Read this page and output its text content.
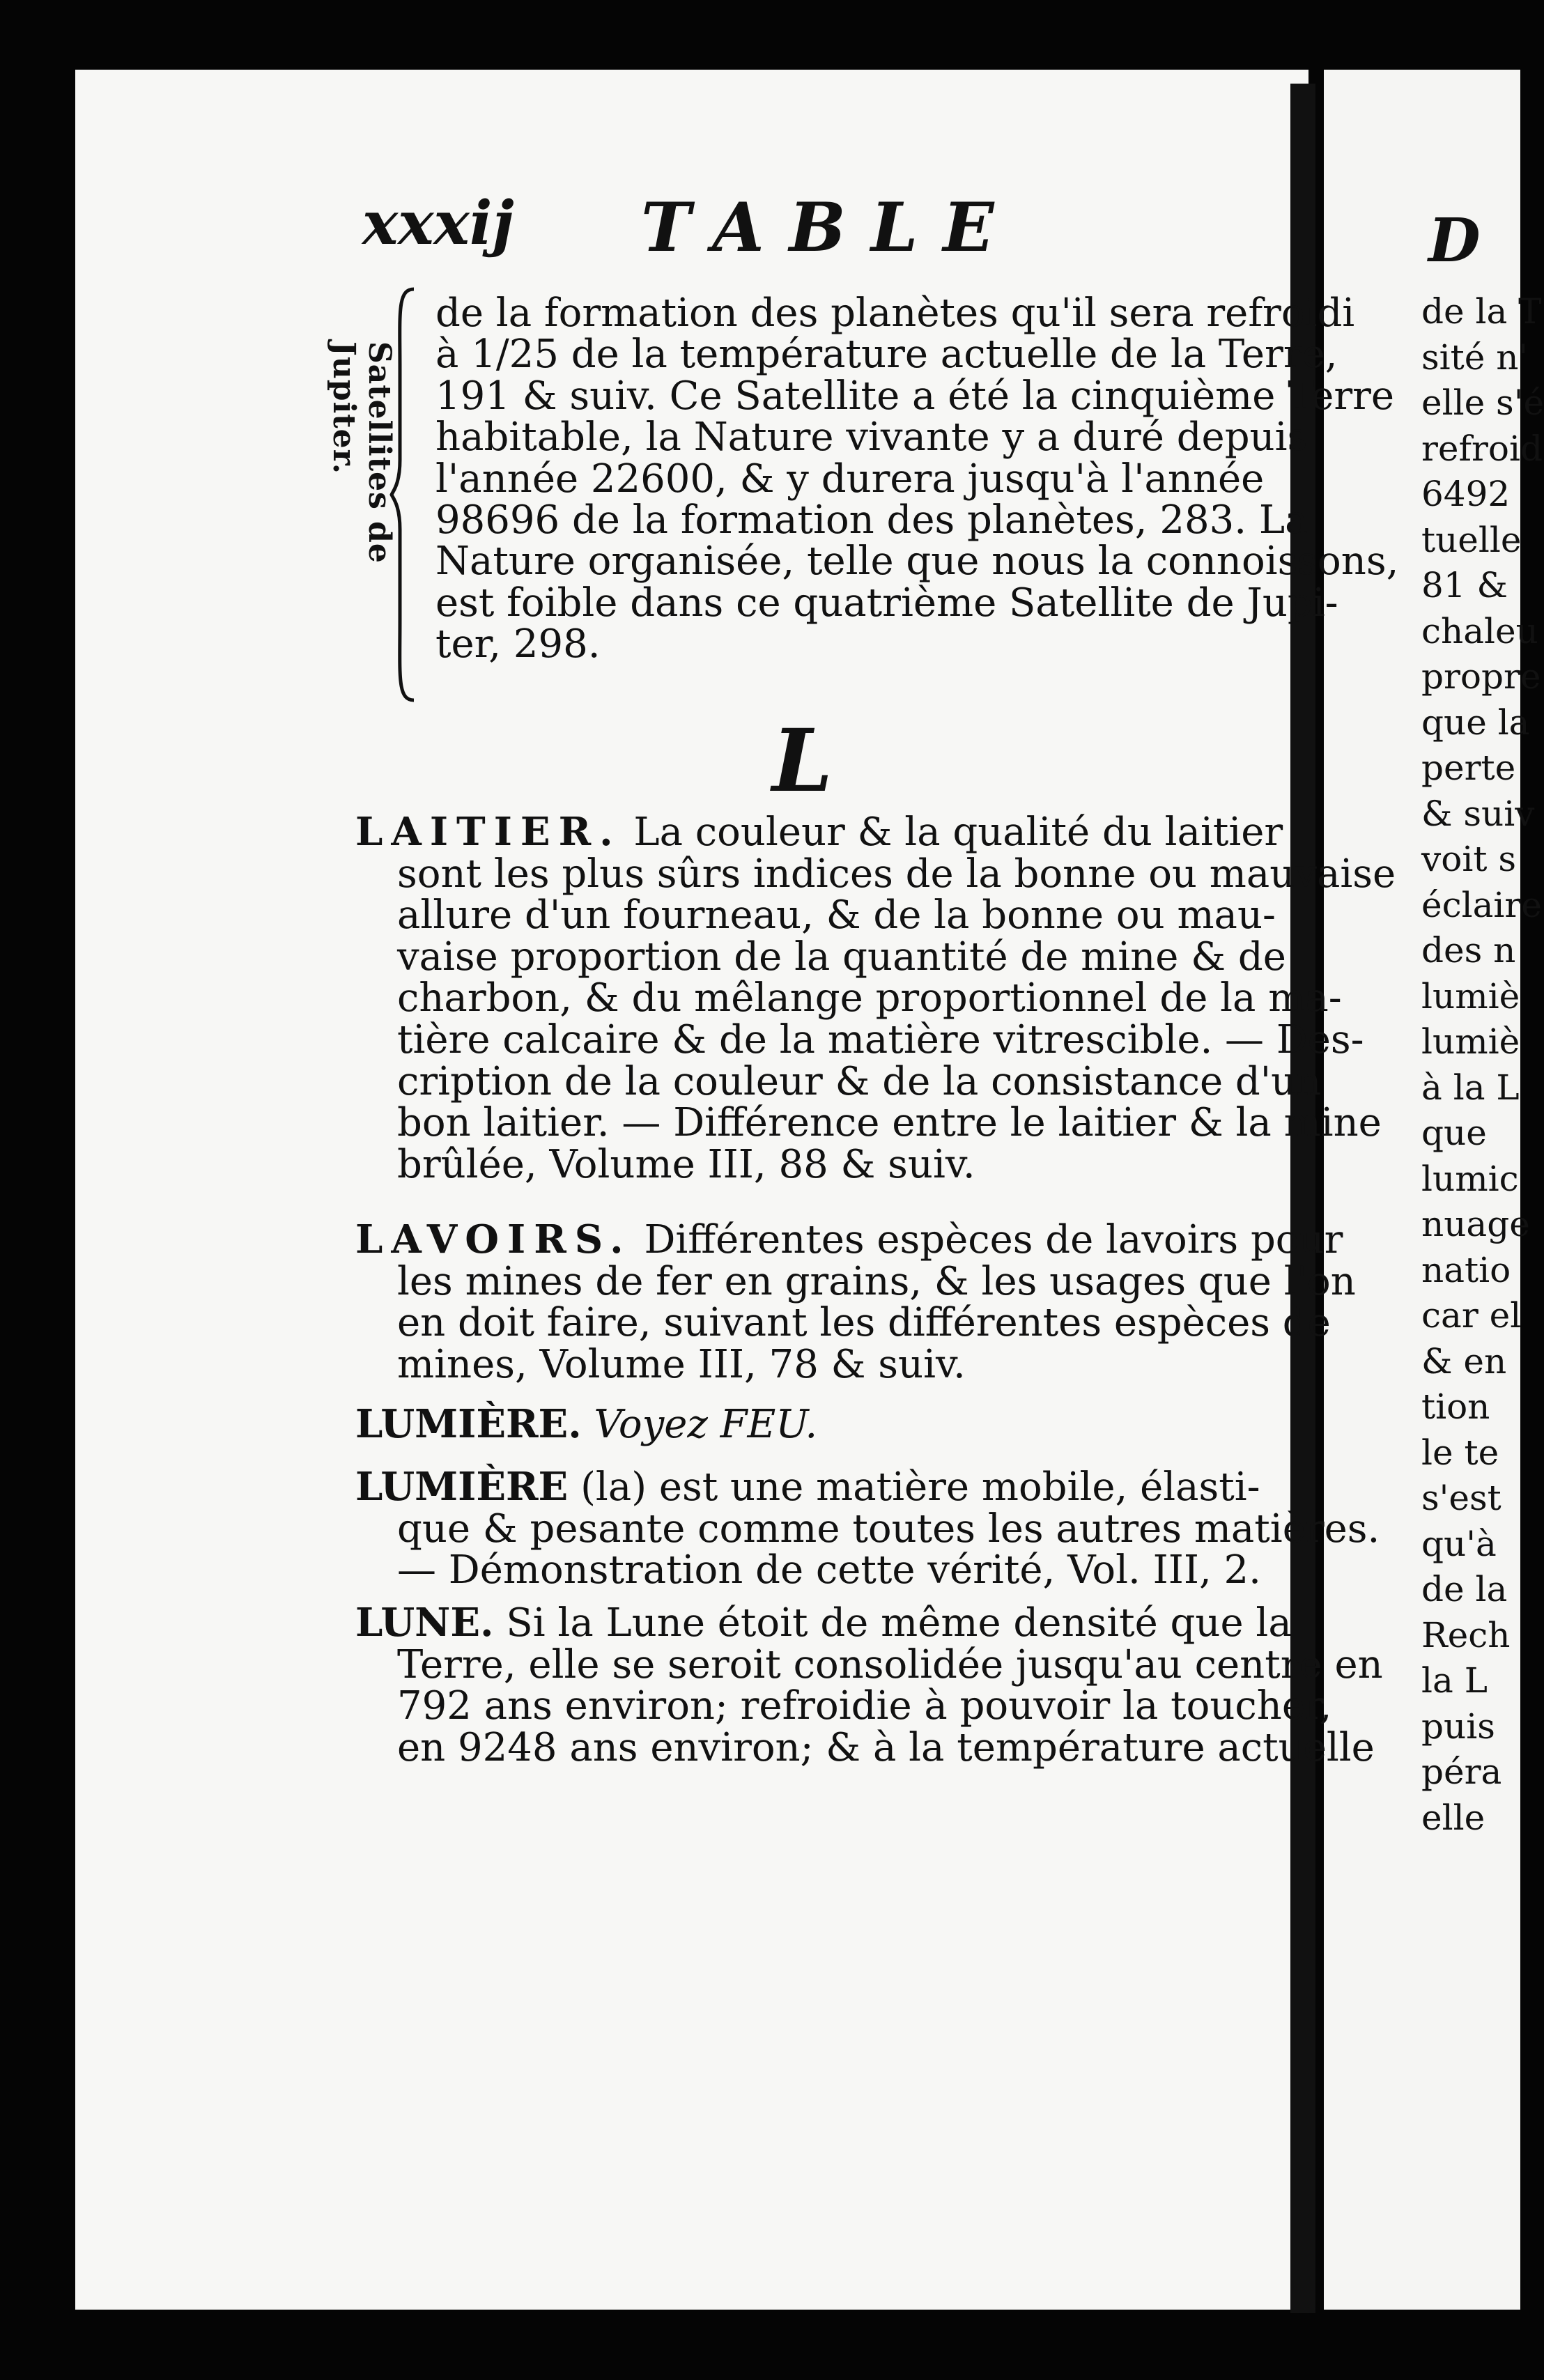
D
de la T
sité n'
elle s'é
refroid
6492
tuelle
81 &
chaleu
propre
que la
perte
& suiv
voit s
éclaire
des n
lumiè
lumiè
à la L
que
lumic
nuage
natio
car el
& en
tion
le te
s'est
qu'à
de la
Rech
la L
puis
péra
elle
xxxij TABLE
Satellites de Jupiter.
de la formation des planètes qu'il sera refroidi
à 1/25 de la température actuelle de la Terre,
191 & suiv. Ce Satellite a été la cinquième Terre
habitable, la Nature vivante y a duré depuis
l'année 22600, & y durera jusqu'à l'année
98696 de la formation des planètes, 283. La
Nature organisée, telle que nous la connoissons,
est foible dans ce quatrième Satellite de Jupi-
ter, 298.
L
LAITIER. La couleur & la qualité du laitier
sont les plus sûrs indices de la bonne ou mauvaise
allure d'un fourneau, & de la bonne ou mau-
vaise proportion de la quantité de mine & de
charbon, & du mêlange proportionnel de la ma-
tière calcaire & de la matière vitrescible. — Des-
cription de la couleur & de la consistance d'un
bon laitier. — Différence entre le laitier & la mine
brûlée, Volume III, 88 & suiv.
LAVOIRS. Différentes espèces de lavoirs pour
les mines de fer en grains, & les usages que l'on
en doit faire, suivant les différentes espèces de
mines, Volume III, 78 & suiv.
LUMIÈRE. Voyez FEU.
LUMIÈRE (la) est une matière mobile, élasti-
que & pesante comme toutes les autres matières.
— Démonstration de cette vérité, Vol. III, 2.
LUNE. Si la Lune étoit de même densité que la
Terre, elle se seroit consolidée jusqu'au centre en
792 ans environ; refroidie à pouvoir la toucher,
en 9248 ans environ; & à la température actuelle
